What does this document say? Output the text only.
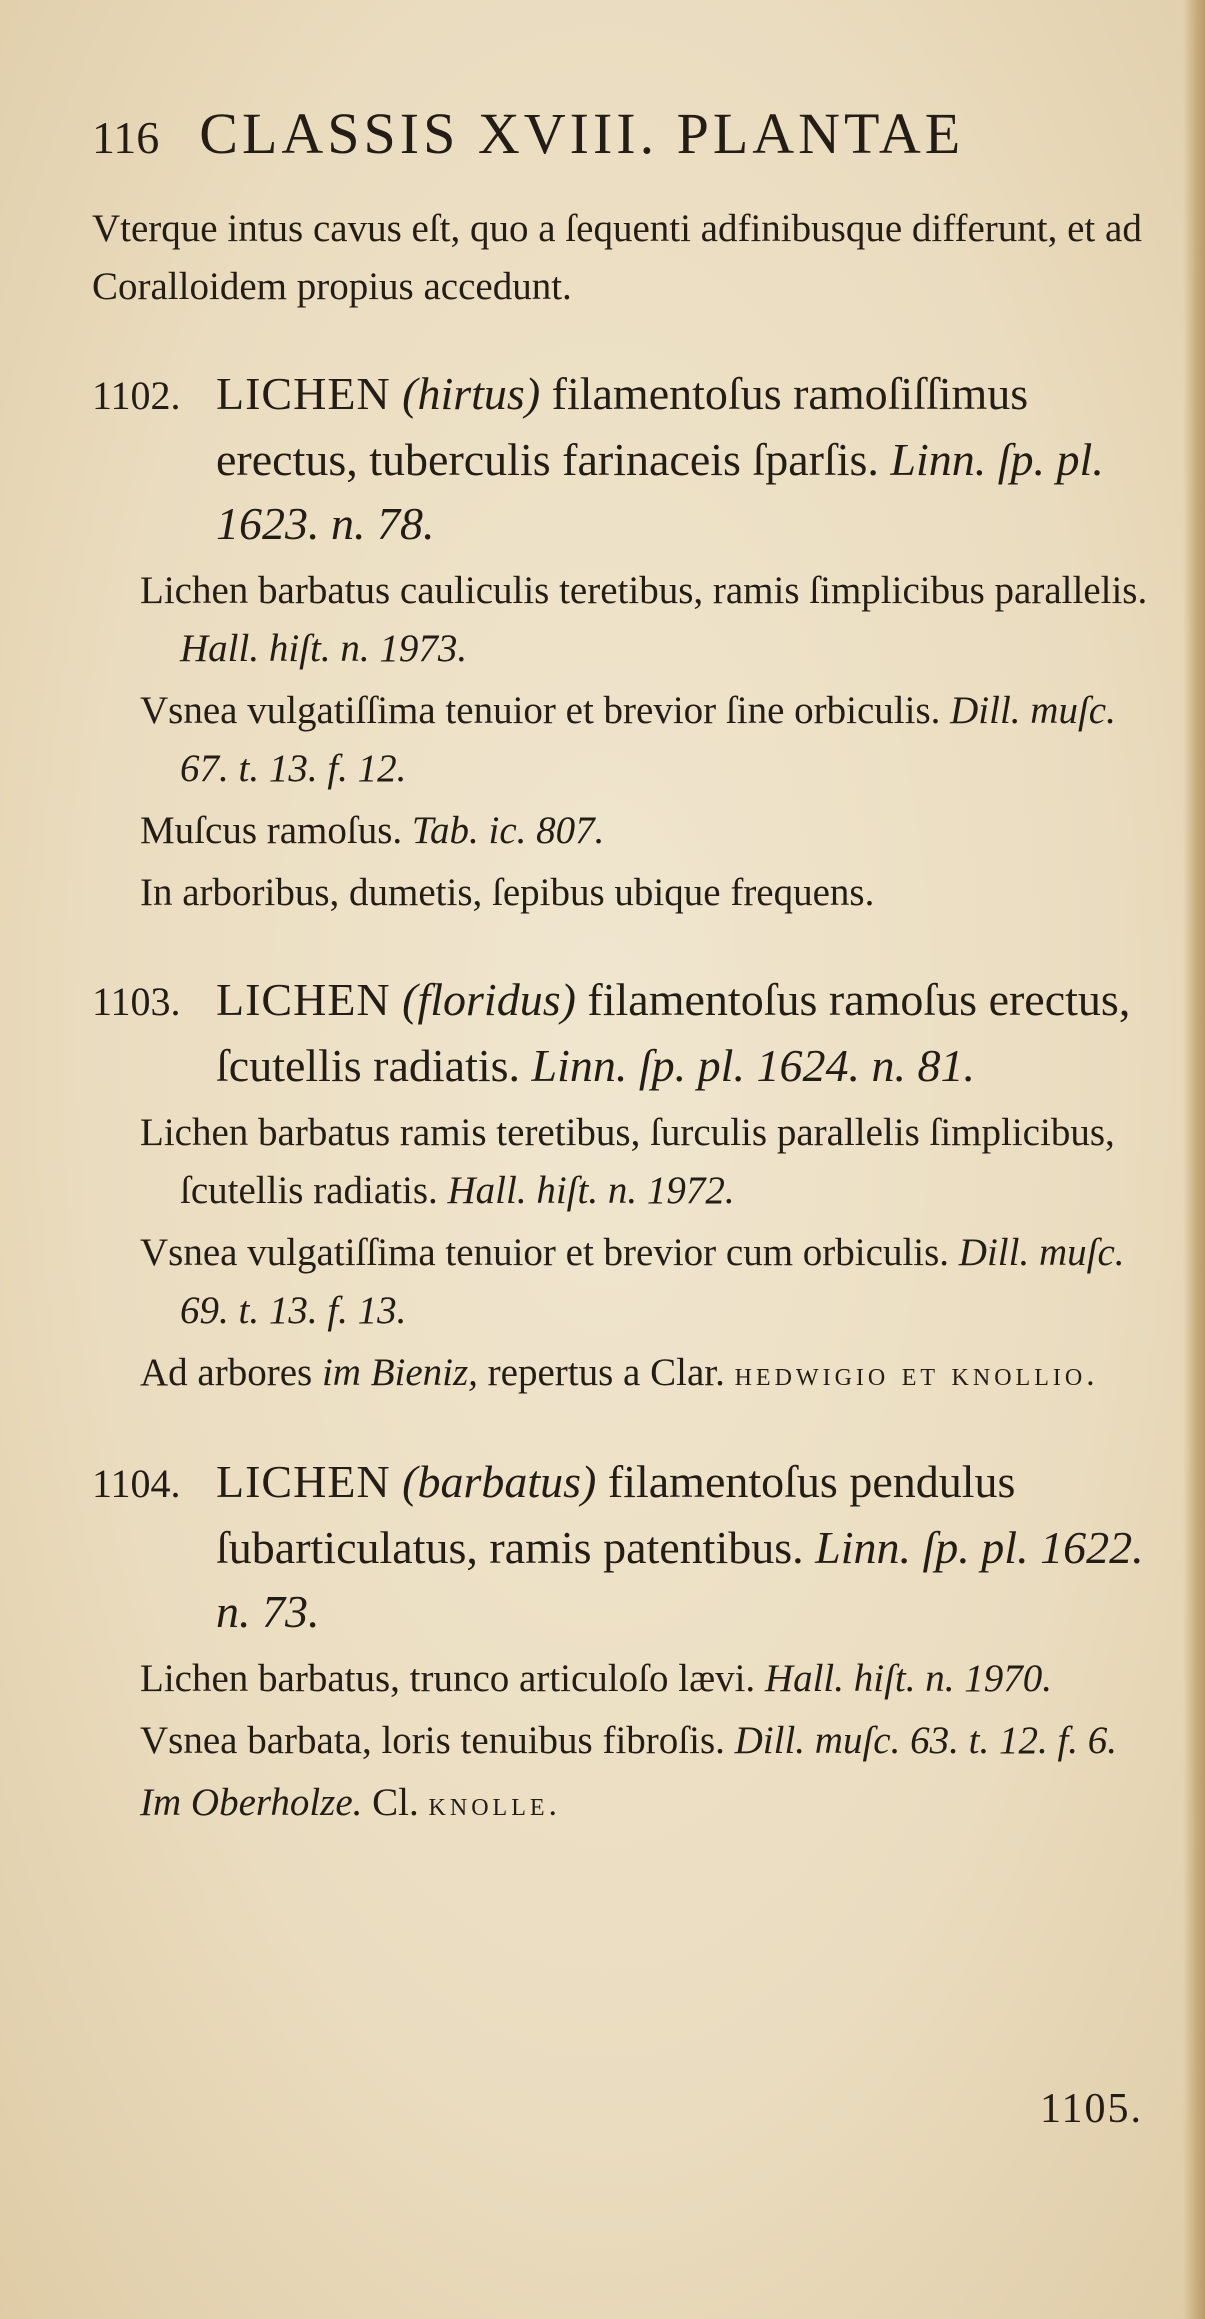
116 CLASSIS XVIII. PLANTAE

Vterque intus cavus eſt, quo a ſequenti adfinibusque differunt, et ad Coralloidem propius accedunt.

1102. LICHEN (hirtus) filamentoſus ramoſiſſimus erectus, tuberculis farinaceis ſparſis. Linn. ſp. pl. 1623. n. 78.

Lichen barbatus cauliculis teretibus, ramis ſimplicibus parallelis. Hall. hiſt. n. 1973.

Vsnea vulgatiſſima tenuior et brevior ſine orbiculis. Dill. muſc. 67. t. 13. f. 12.

Muſcus ramoſus. Tab. ic. 807.

In arboribus, dumetis, ſepibus ubique frequens.

1103. LICHEN (floridus) filamentoſus ramoſus erectus, ſcutellis radiatis. Linn. ſp. pl. 1624. n. 81.

Lichen barbatus ramis teretibus, ſurculis parallelis ſimplicibus, ſcutellis radiatis. Hall. hiſt. n. 1972.

Vsnea vulgatiſſima tenuior et brevior cum orbiculis. Dill. muſc. 69. t. 13. f. 13.

Ad arbores im Bieniz, repertus a Clar. hedwigio et knollio.

1104. LICHEN (barbatus) filamentoſus pendulus ſubarticulatus, ramis patentibus. Linn. ſp. pl. 1622. n. 73.

Lichen barbatus, trunco articuloſo lævi. Hall. hiſt. n. 1970.

Vsnea barbata, loris tenuibus fibroſis. Dill. muſc. 63. t. 12. f. 6.

Im Oberholze. Cl. knolle.

1105.
